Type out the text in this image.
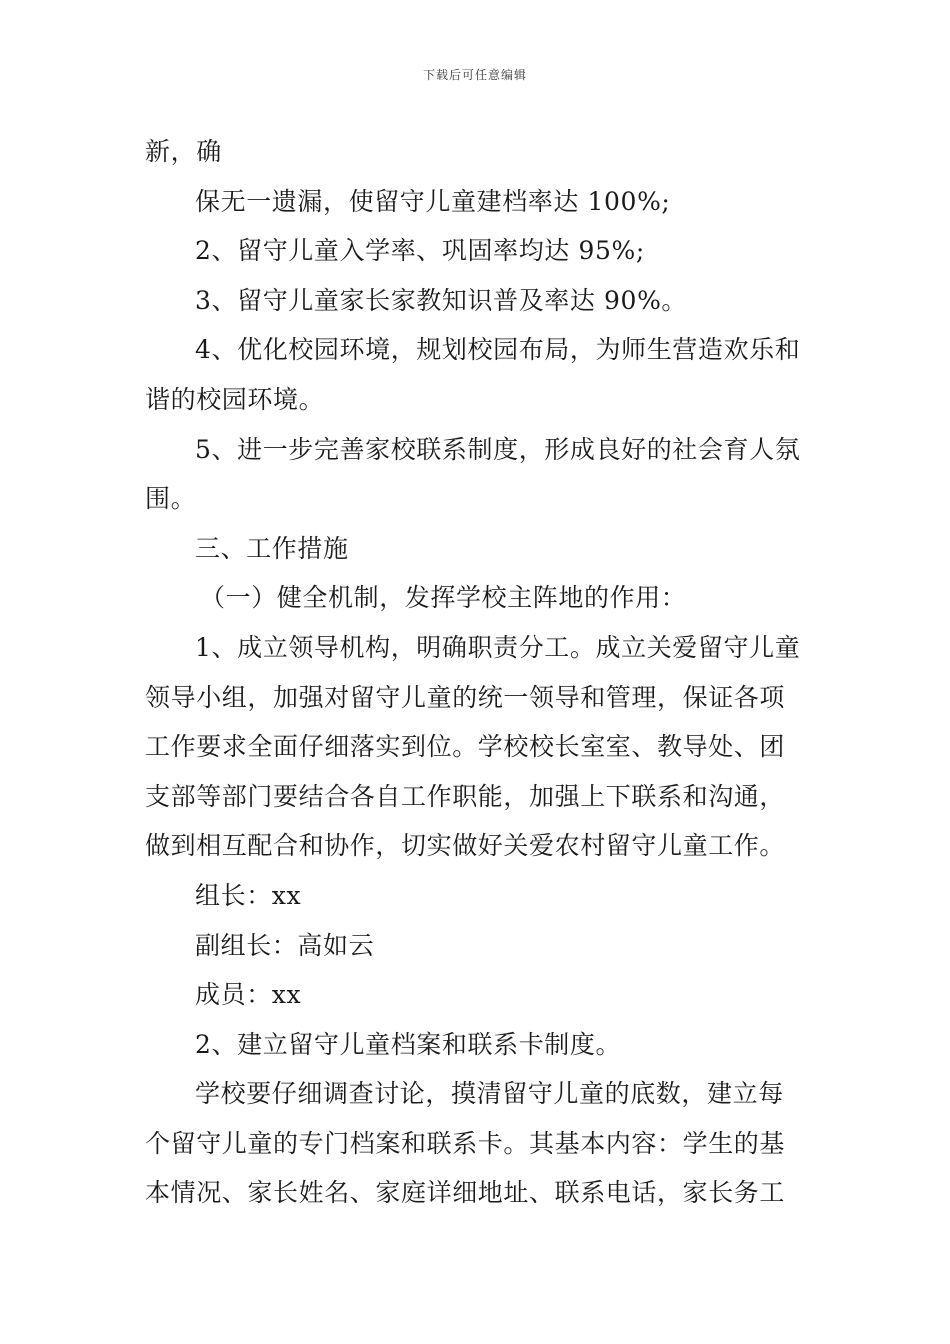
下载后可任意编辑
新，确
保无一遗漏，使留守儿童建档率达 100%;
2、留守儿童入学率、巩固率均达 95%;
3、留守儿童家长家教知识普及率达 90%。
4、优化校园环境，规划校园布局，为师生营造欢乐和
谐的校园环境。
5、进一步完善家校联系制度，形成良好的社会育人氛
围。
三、工作措施
（一）健全机制，发挥学校主阵地的作用：
1、成立领导机构，明确职责分工。成立关爱留守儿童
领导小组，加强对留守儿童的统一领导和管理，保证各项
工作要求全面仔细落实到位。学校校长室室、教导处、团
支部等部门要结合各自工作职能，加强上下联系和沟通，
做到相互配合和协作，切实做好关爱农村留守儿童工作。
组长：xx
副组长：高如云
成员：xx
2、建立留守儿童档案和联系卡制度。
学校要仔细调查讨论，摸清留守儿童的底数，建立每
个留守儿童的专门档案和联系卡。其基本内容：学生的基
本情况、家长姓名、家庭详细地址、联系电话，家长务工
